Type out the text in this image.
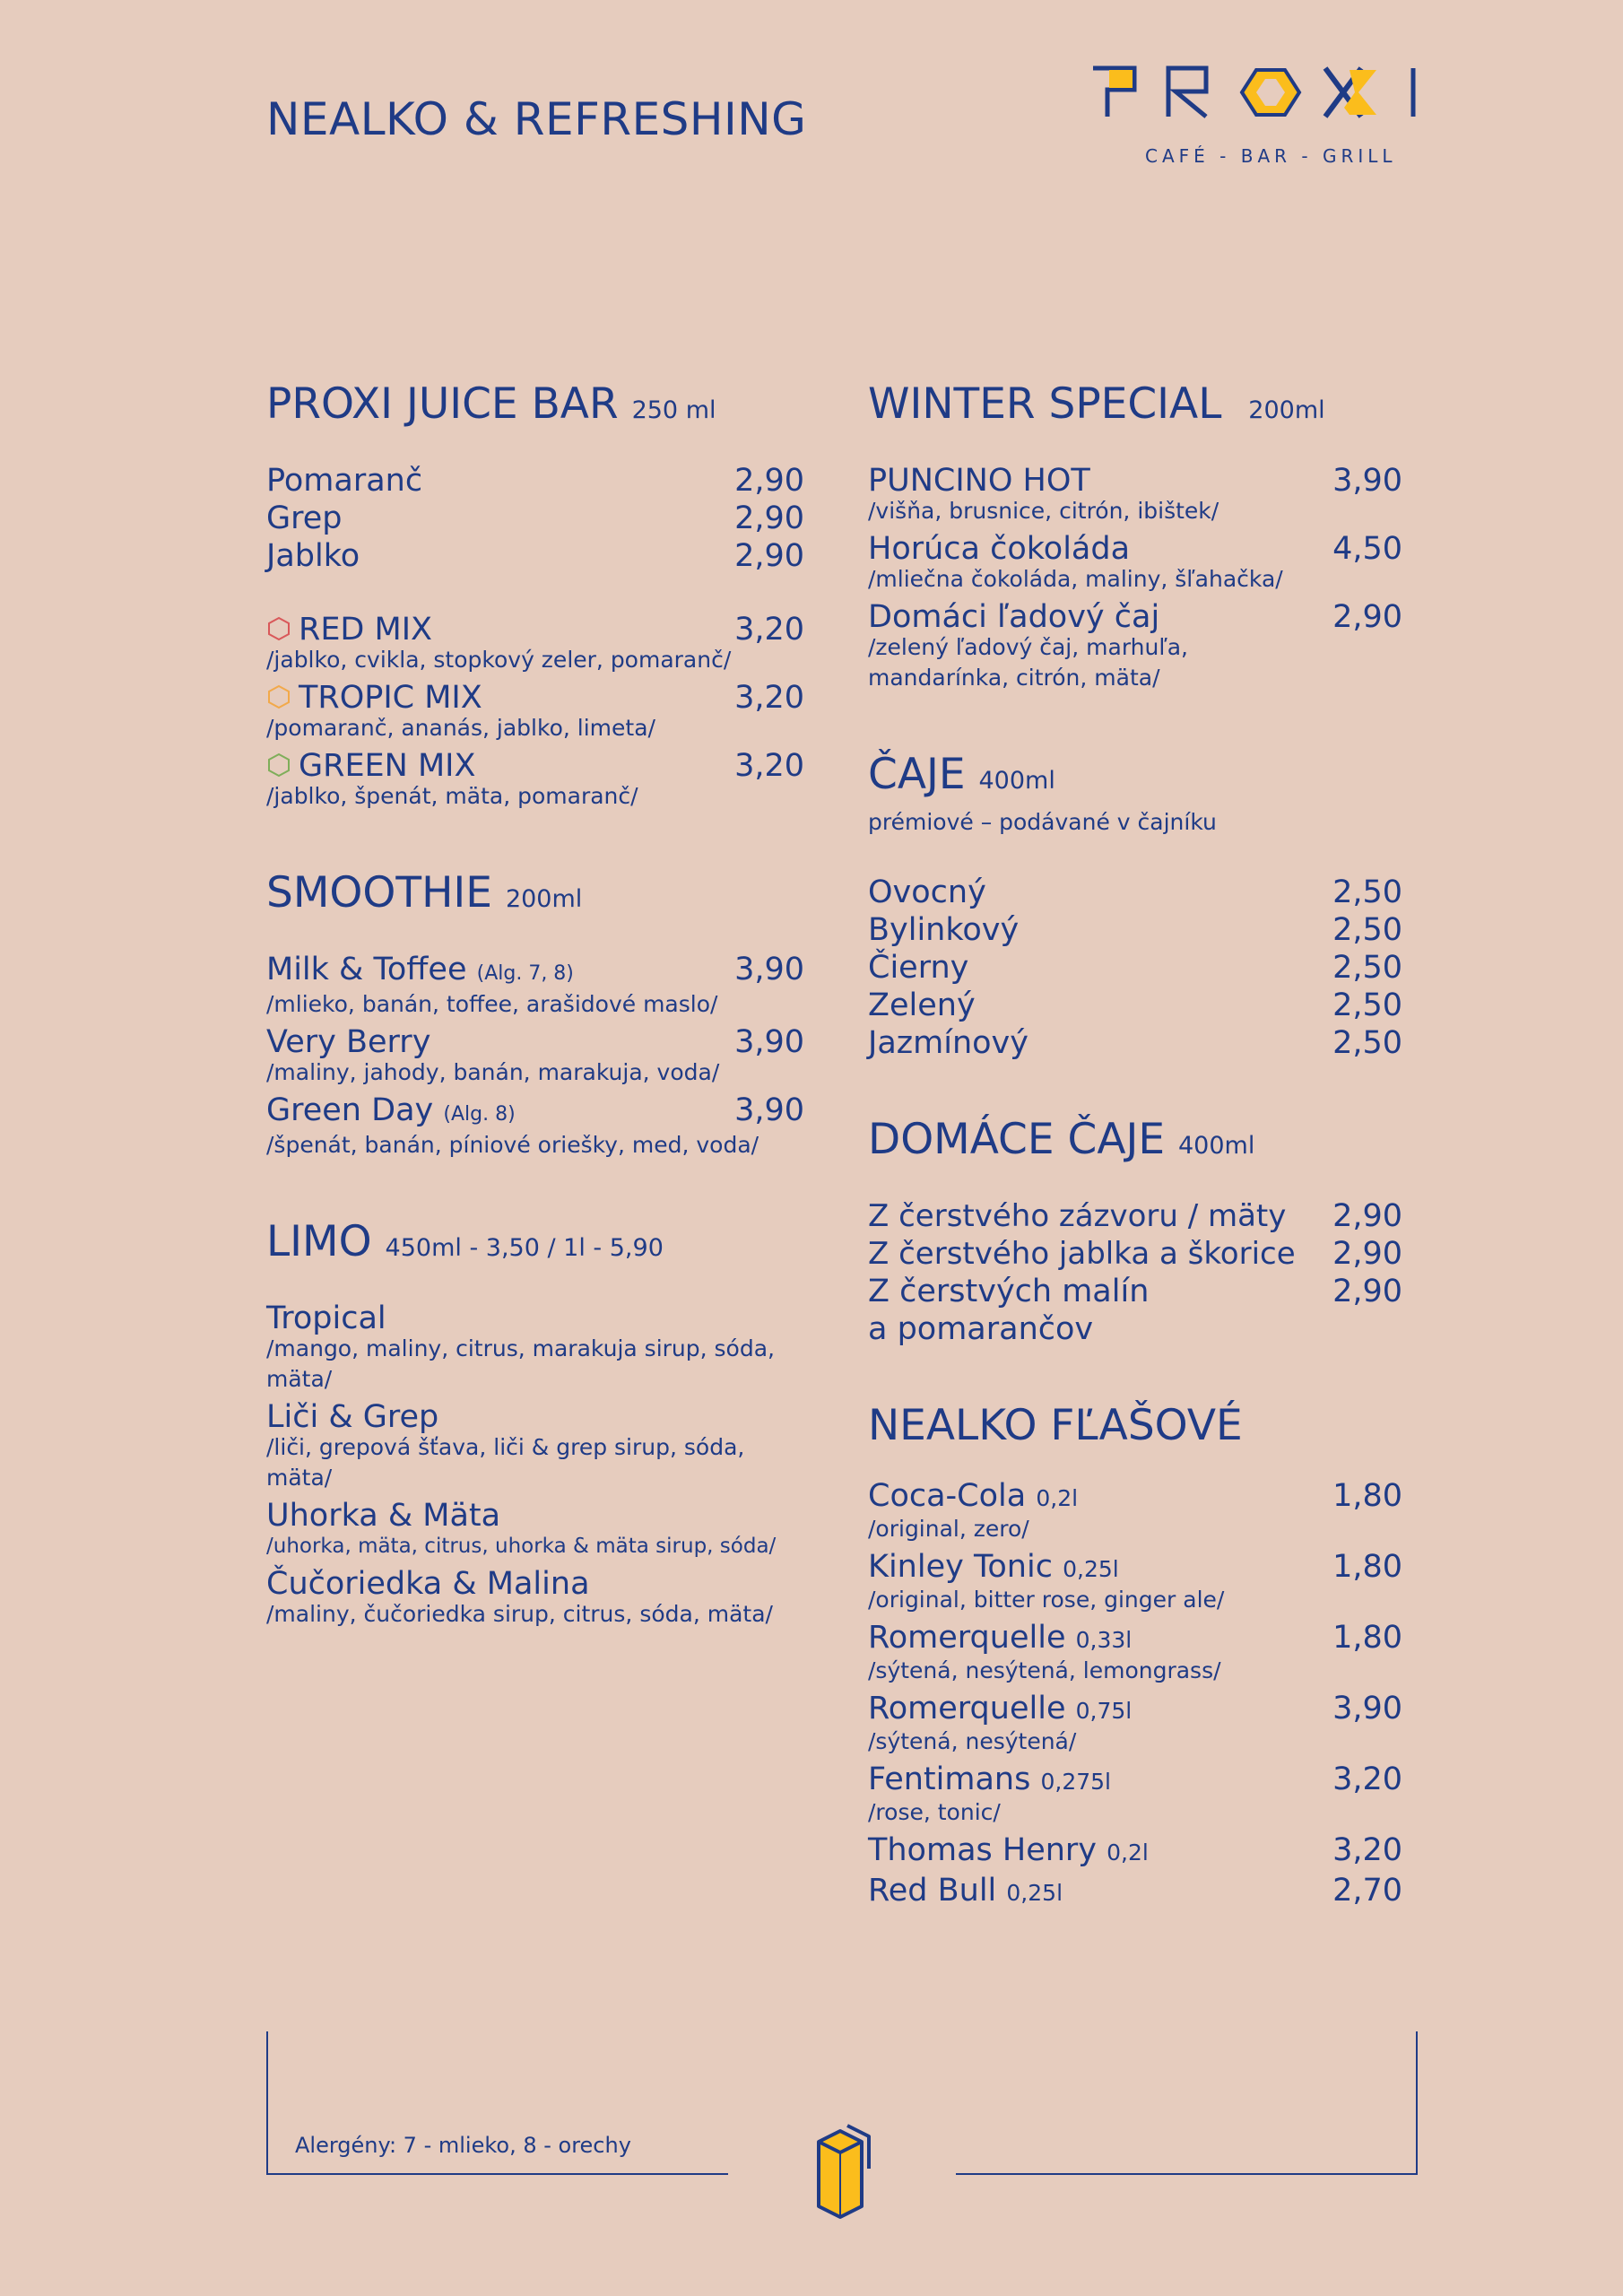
NEALKO & REFRESHING
CAFÉ - BAR - GRILL
PROXI JUICE BAR 250 ml
Pomaranč	2,90
Grep	2,90
Jablko	2,90
RED MIX	3,20
/jablko, cvikla, stopkový zeler, pomaranč/
TROPIC MIX	3,20
/pomaranč, ananás, jablko, limeta/
GREEN MIX	3,20
/jablko, špenát, mäta, pomaranč/
SMOOTHIE 200ml
Milk & Toffee (Alg. 7, 8)	3,90
/mlieko, banán, toffee, arašidové maslo/
Very Berry	3,90
/maliny, jahody, banán, marakuja, voda/
Green Day (Alg. 8)	3,90
/špenát, banán, píniové oriešky, med, voda/
LIMO 450ml - 3,50 / 1l - 5,90
Tropical
/mango, maliny, citrus, marakuja sirup, sóda, mäta/
Liči & Grep
/liči, grepová šťava, liči & grep sirup, sóda, mäta/
Uhorka & Mäta
/uhorka, mäta, citrus, uhorka & mäta sirup, sóda/
Čučoriedka & Malina
/maliny, čučoriedka sirup, citrus, sóda, mäta/
WINTER SPECIAL 200ml
PUNCINO HOT	3,90
/višňa, brusnice, citrón, ibištek/
Horúca čokoláda	4,50
/mliečna čokoláda, maliny, šľahačka/
Domáci ľadový čaj	2,90
/zelený ľadový čaj, marhuľa, mandarínka, citrón, mäta/
ČAJE 400ml
prémiové – podávané v čajníku
Ovocný	2,50
Bylinkový	2,50
Čierny	2,50
Zelený	2,50
Jazmínový	2,50
DOMÁCE ČAJE 400ml
Z čerstvého zázvoru / mäty 2,90
Z čerstvého jablka a škorice 2,90
Z čerstvých malín	2,90
a pomarančov
NEALKO FĽAŠOVÉ
Coca-Cola 0,2l	1,80
/original, zero/
Kinley Tonic 0,25l	1,80
/original, bitter rose, ginger ale/
Romerquelle 0,33l	1,80
/sýtená, nesýtená, lemongrass/
Romerquelle 0,75l	3,90
/sýtená, nesýtená/
Fentimans 0,275l	3,20
/rose, tonic/
Thomas Henry 0,2l	3,20
Red Bull 0,25l	2,70
Alergény: 7 - mlieko, 8 - orechy
